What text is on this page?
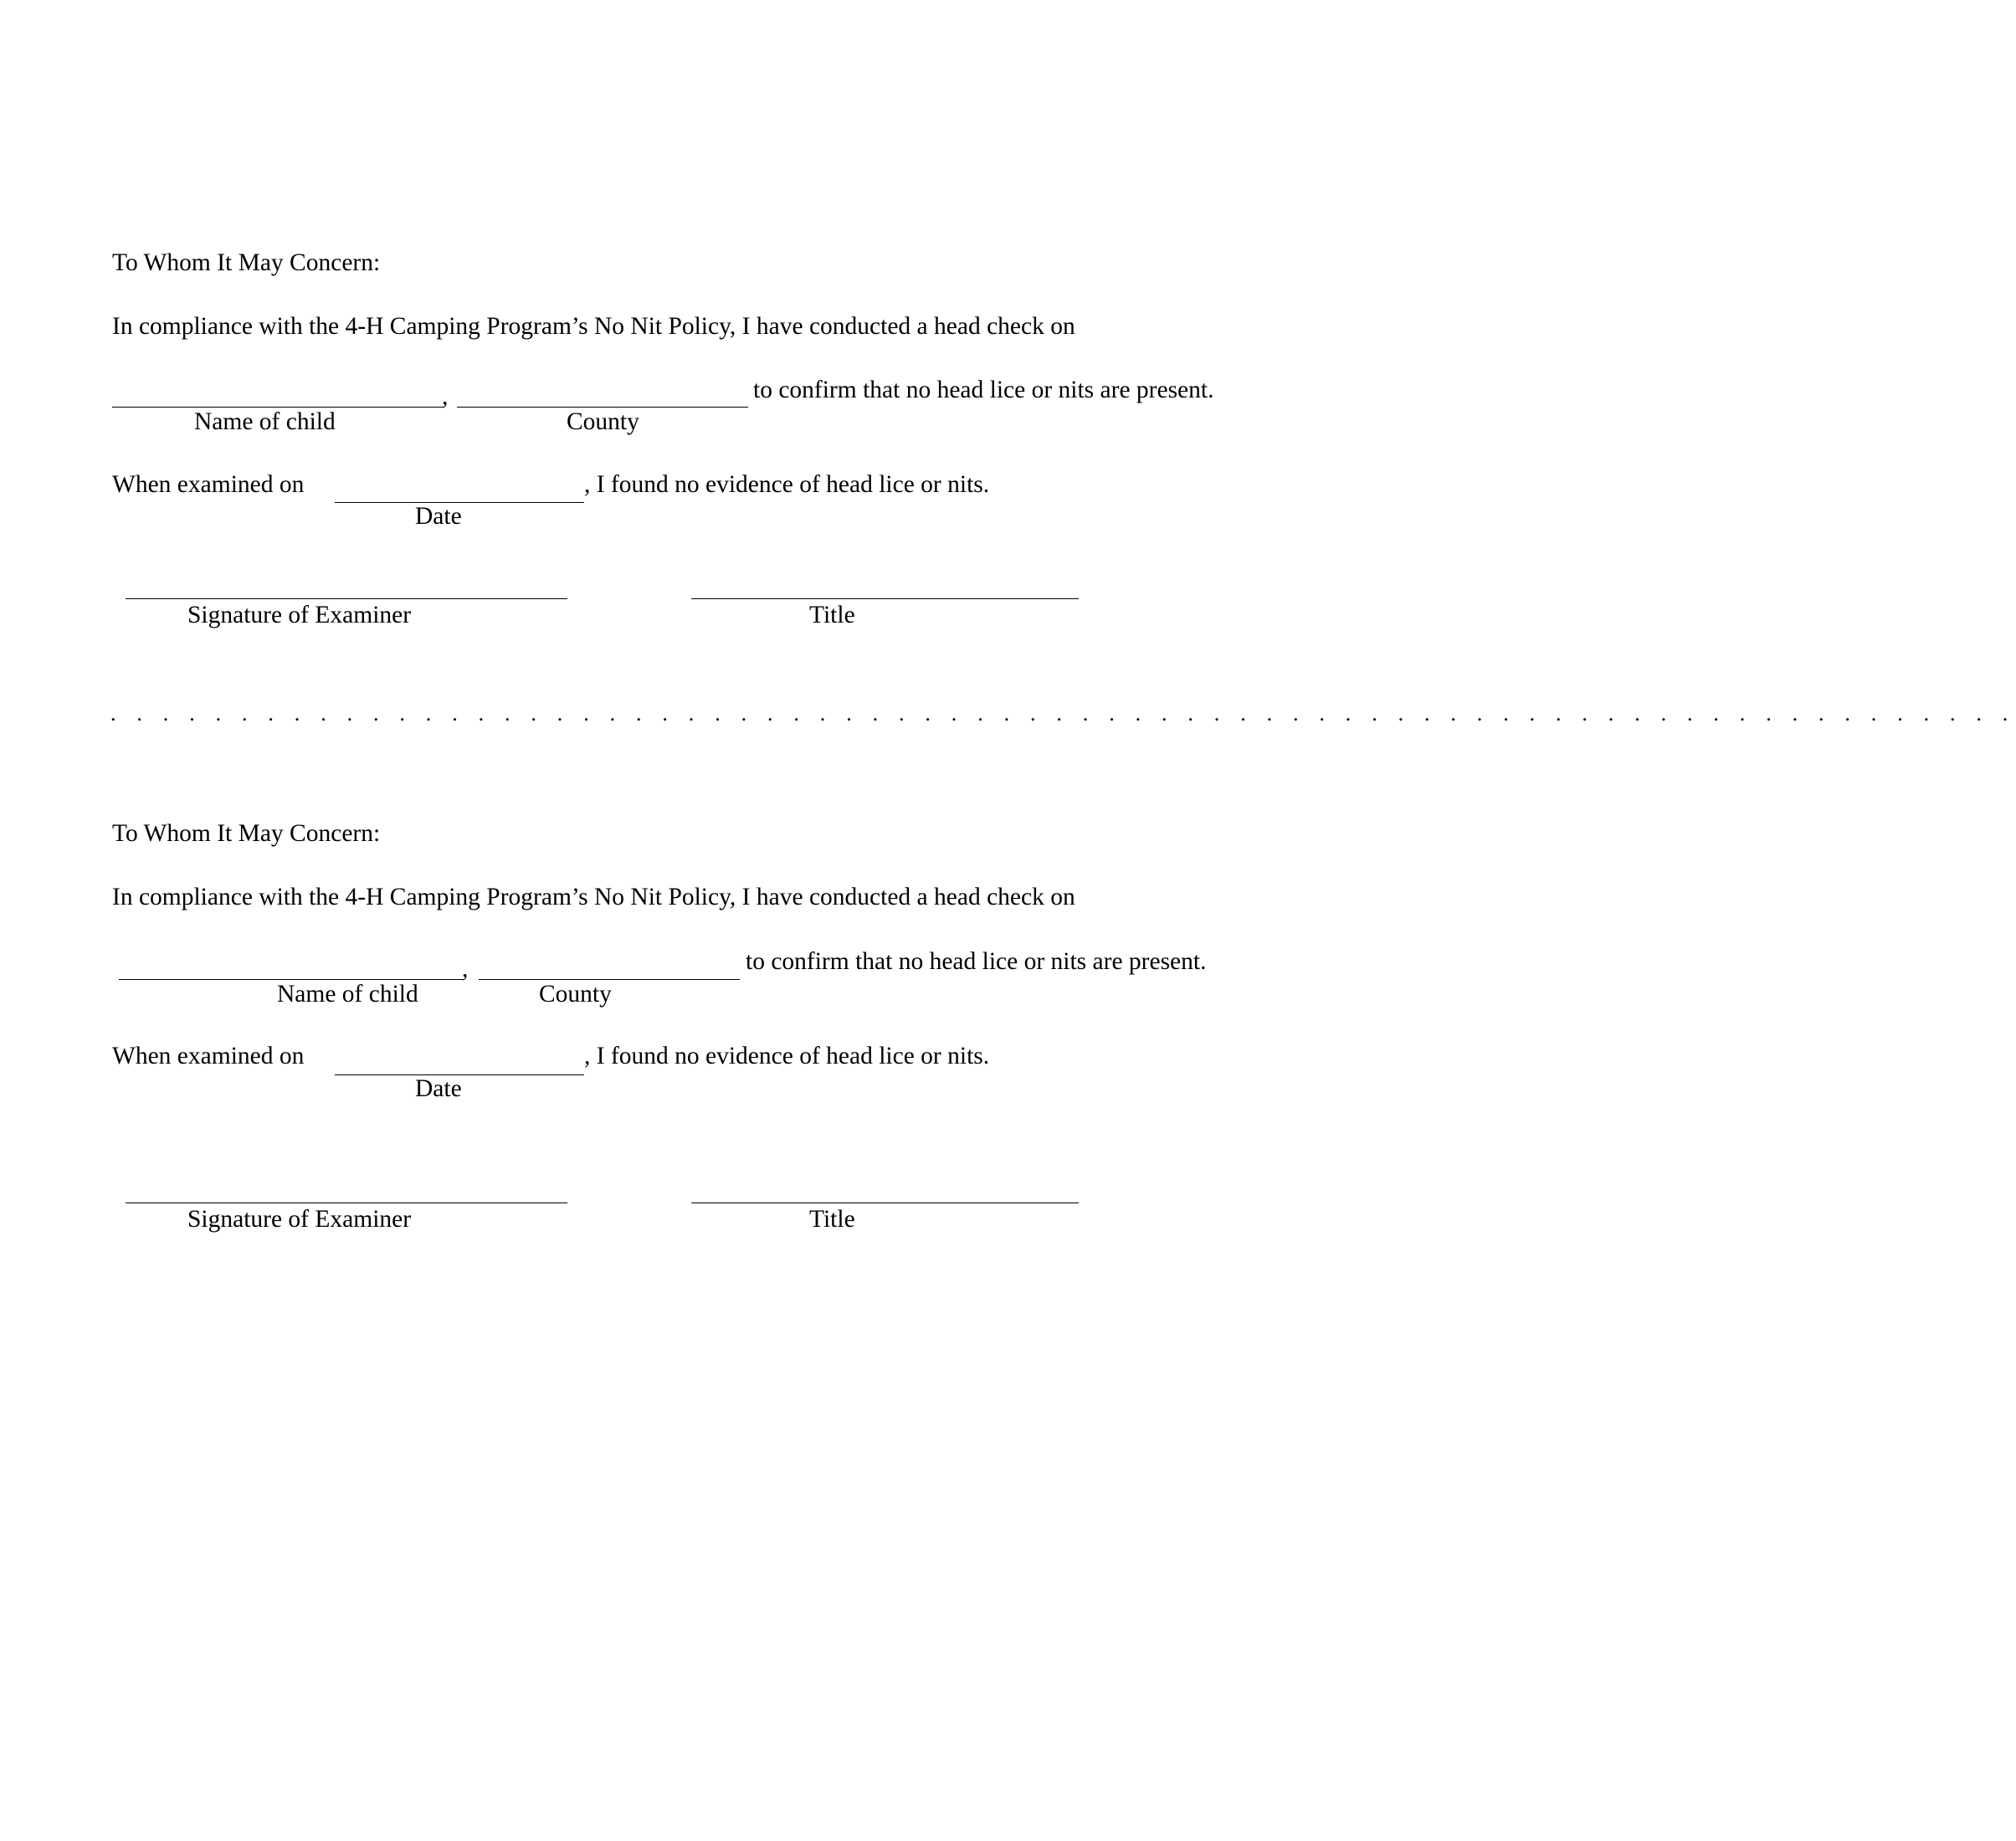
To Whom It May Concern:
In compliance with the 4-H Camping Program’s No Nit Policy, I have conducted a head check on
,	to confirm that no head lice or nits are present.
Name of child	County
When examined on	, I found no evidence of head lice or nits.
Date
Signature of Examiner	Title
. . . . . . . . . . . . . . . . . . . . . . . . . . . . . . . . . . . . . . . . . . . . . . . . . . . . . . . . . . . . . . . . . . . . . . . . .
To Whom It May Concern:
In compliance with the 4-H Camping Program’s No Nit Policy, I have conducted a head check on
,	to confirm that no head lice or nits are present.
Name of child	County
When examined on	, I found no evidence of head lice or nits.
Date
Signature of Examiner	Title
